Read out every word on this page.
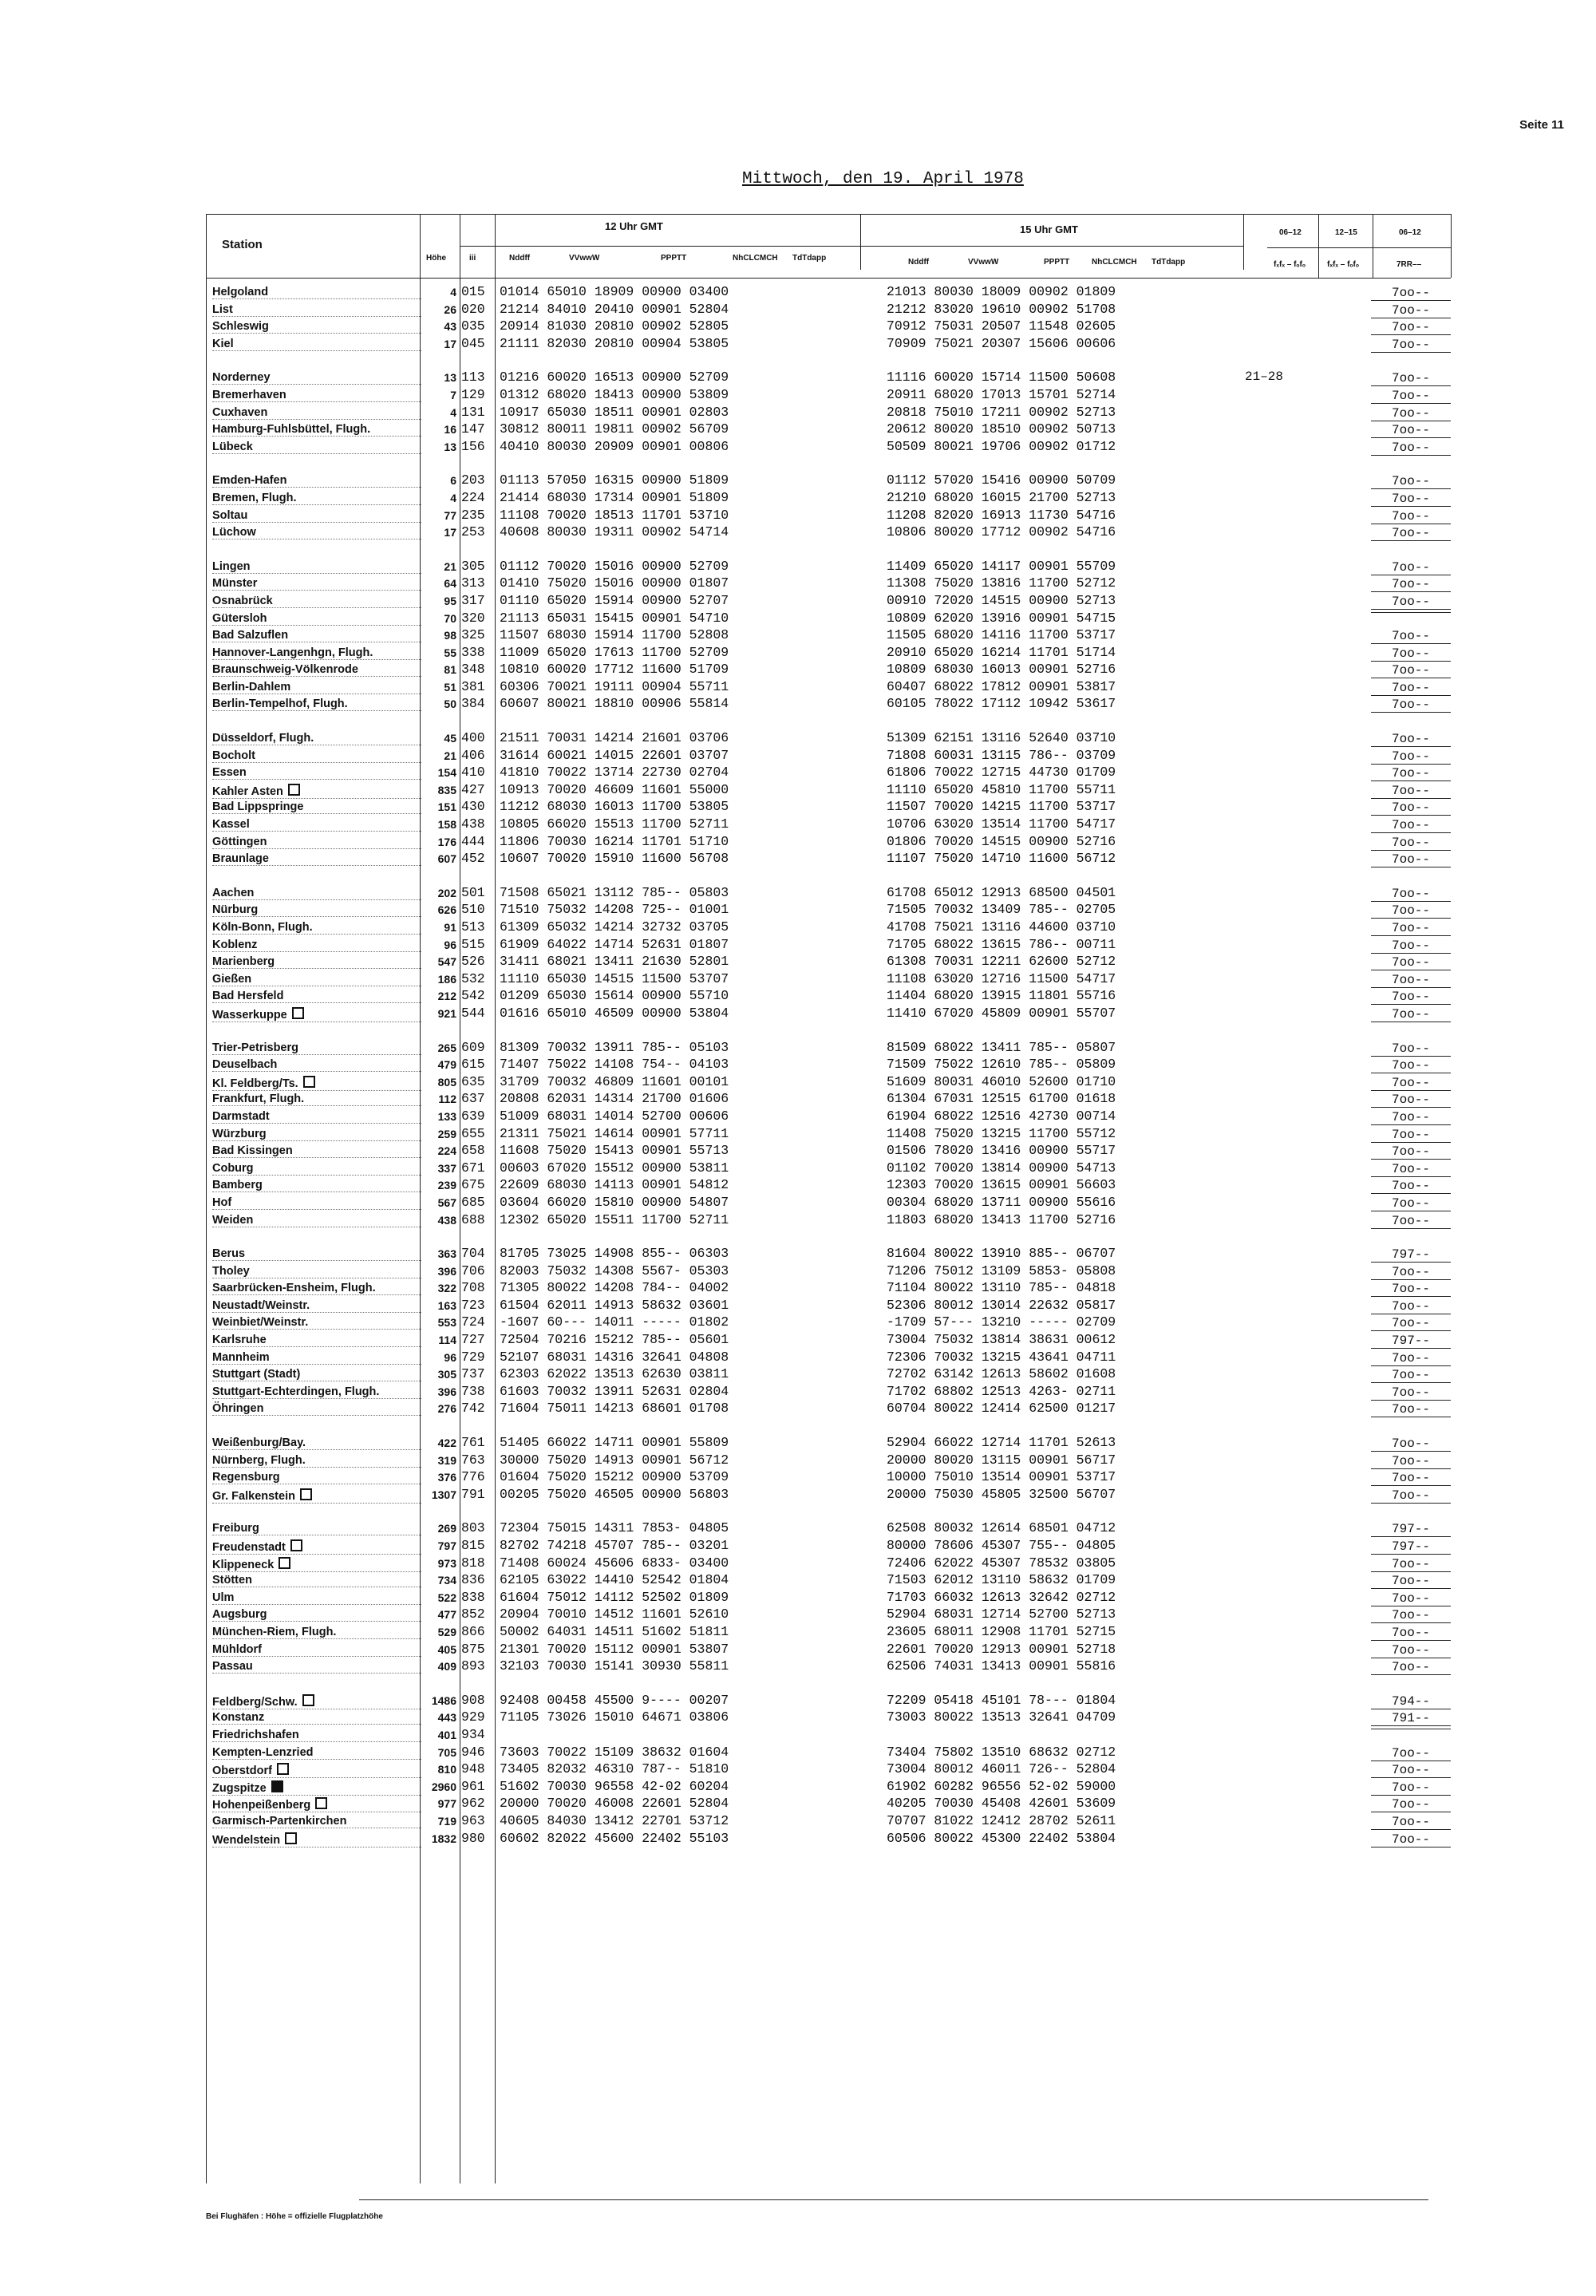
Seite 11
Mittwoch, den 19. April 1978
Station
12 Uhr GMT	15 Uhr GMT
Höhe	iii	Nddff	VVwwW	PPPTT	NhCLCMCH TdTdapp	Nddff	VVwwW	PPPTT	NhCLCMCH TdTdapp
06–12	12–15	06–12
fₓfₓ – fₒfₒ	fₓfₓ – fₒfₒ	7RR––
Helgoland	4 015	01014 65010 18909 00900 03400	21013 80030 18009 00902 01809	7oo--
List	26 020	21214 84010 20410 00901 52804	21212 83020 19610 00902 51708	7oo--
Schleswig	43 035	20914 81030 20810 00902 52805	70912 75031 20507 11548 02605	7oo--
Kiel	17 045	21111 82030 20810 00904 53805	70909 75021 20307 15606 00606	7oo--
Norderney	13 113	01216 60020 16513 00900 52709	11116 60020 15714 11500 50608	21–28	7oo--
Bremerhaven	7 129	01312 68020 18413 00900 53809	20911 68020 17013 15701 52714	7oo--
Cuxhaven	4 131	10917 65030 18511 00901 02803	20818 75010 17211 00902 52713	7oo--
Hamburg-Fuhlsbüttel, Flugh.	16 147	30812 80011 19811 00902 56709	20612 80020 18510 00902 50713	7oo--
Lübeck	13 156	40410 80030 20909 00901 00806	50509 80021 19706 00902 01712	7oo--
Emden-Hafen	6 203	01113 57050 16315 00900 51809	01112 57020 15416 00900 50709	7oo--
Bremen, Flugh.	4 224	21414 68030 17314 00901 51809	21210 68020 16015 21700 52713	7oo--
Soltau	77 235	11108 70020 18513 11701 53710	11208 82020 16913 11730 54716	7oo--
Lüchow	17 253	40608 80030 19311 00902 54714	10806 80020 17712 00902 54716	7oo--
Lingen	21 305	01112 70020 15016 00900 52709	11409 65020 14117 00901 55709	7oo--
Münster	64 313	01410 75020 15016 00900 01807	11308 75020 13816 11700 52712	7oo--
Osnabrück	95 317	01110 65020 15914 00900 52707	00910 72020 14515 00900 52713	7oo--
Gütersloh	70 320	21113 65031 15415 00901 54710	10809 62020 13916 00901 54715
Bad Salzuflen	98 325	11507 68030 15914 11700 52808	11505 68020 14116 11700 53717	7oo--
Hannover-Langenhgn, Flugh.	55 338	11009 65020 17613 11700 52709	20910 65020 16214 11701 51714	7oo--
Braunschweig-Völkenrode	81 348	10810 60020 17712 11600 51709	10809 68030 16013 00901 52716	7oo--
Berlin-Dahlem	51 381	60306 70021 19111 00904 55711	60407 68022 17812 00901 53817	7oo--
Berlin-Tempelhof, Flugh.	50 384	60607 80021 18810 00906 55814	60105 78022 17112 10942 53617	7oo--
Düsseldorf, Flugh.	45 400	21511 70031 14214 21601 03706	51309 62151 13116 52640 03710	7oo--
Bocholt	21 406	31614 60021 14015 22601 03707	71808 60031 13115 786-- 03709	7oo--
Essen	154 410	41810 70022 13714 22730 02704	61806 70022 12715 44730 01709	7oo--
Kahler Asten	835 427	10913 70020 46609 11601 55000	11110 65020 45810 11700 55711	7oo--
Bad Lippspringe	151 430	11212 68030 16013 11700 53805	11507 70020 14215 11700 53717	7oo--
Kassel	158 438	10805 66020 15513 11700 52711	10706 63020 13514 11700 54717	7oo--
Göttingen	176 444	11806 70030 16214 11701 51710	01806 70020 14515 00900 52716	7oo--
Braunlage	607 452	10607 70020 15910 11600 56708	11107 75020 14710 11600 56712	7oo--
Aachen	202 501	71508 65021 13112 785-- 05803	61708 65012 12913 68500 04501	7oo--
Nürburg	626 510	71510 75032 14208 725-- 01001	71505 70032 13409 785-- 02705	7oo--
Köln-Bonn, Flugh.	91 513	61309 65032 14214 32732 03705	41708 75021 13116 44600 03710	7oo--
Koblenz	96 515	61909 64022 14714 52631 01807	71705 68022 13615 786-- 00711	7oo--
Marienberg	547 526	31411 68021 13411 21630 52801	61308 70031 12211 62600 52712	7oo--
Gießen	186 532	11110 65030 14515 11500 53707	11108 63020 12716 11500 54717	7oo--
Bad Hersfeld	212 542	01209 65030 15614 00900 55710	11404 68020 13915 11801 55716	7oo--
Wasserkuppe	921 544	01616 65010 46509 00900 53804	11410 67020 45809 00901 55707	7oo--
Trier-Petrisberg	265 609	81309 70032 13911 785-- 05103	81509 68022 13411 785-- 05807	7oo--
Deuselbach	479 615	71407 75022 14108 754-- 04103	71509 75022 12610 785-- 05809	7oo--
Kl. Feldberg/Ts.	805 635	31709 70032 46809 11601 00101	51609 80031 46010 52600 01710	7oo--
Frankfurt, Flugh.	112 637	20808 62031 14314 21700 01606	61304 67031 12515 61700 01618	7oo--
Darmstadt	133 639	51009 68031 14014 52700 00606	61904 68022 12516 42730 00714	7oo--
Würzburg	259 655	21311 75021 14614 00901 57711	11408 75020 13215 11700 55712	7oo--
Bad Kissingen	224 658	11608 75020 15413 00901 55713	01506 78020 13416 00900 55717	7oo--
Coburg	337 671	00603 67020 15512 00900 53811	01102 70020 13814 00900 54713	7oo--
Bamberg	239 675	22609 68030 14113 00901 54812	12303 70020 13615 00901 56603	7oo--
Hof	567 685	03604 66020 15810 00900 54807	00304 68020 13711 00900 55616	7oo--
Weiden	438 688	12302 65020 15511 11700 52711	11803 68020 13413 11700 52716	7oo--
Berus	363 704	81705 73025 14908 855-- 06303	81604 80022 13910 885-- 06707	797--
Tholey	396 706	82003 75032 14308 5567- 05303	71206 75012 13109 5853- 05808	7oo--
Saarbrücken-Ensheim, Flugh.	322 708	71305 80022 14208 784-- 04002	71104 80022 13110 785-- 04818	7oo--
Neustadt/Weinstr.	163 723	61504 62011 14913 58632 03601	52306 80012 13014 22632 05817	7oo--
Weinbiet/Weinstr.	553 724	-1607 60--- 14011 ----- 01802	-1709 57--- 13210 ----- 02709	7oo--
Karlsruhe	114 727	72504 70216 15212 785-- 05601	73004 75032 13814 38631 00612	797--
Mannheim	96 729	52107 68031 14316 32641 04808	72306 70032 13215 43641 04711	7oo--
Stuttgart (Stadt)	305 737	62303 62022 13513 62630 03811	72702 63142 12613 58602 01608	7oo--
Stuttgart-Echterdingen, Flugh.	396 738	61603 70032 13911 52631 02804	71702 68802 12513 4263- 02711	7oo--
Öhringen	276 742	71604 75011 14213 68601 01708	60704 80022 12414 62500 01217	7oo--
Weißenburg/Bay.	422 761	51405 66022 14711 00901 55809	52904 66022 12714 11701 52613	7oo--
Nürnberg, Flugh.	319 763	30000 75020 14913 00901 56712	20000 80020 13115 00901 56717	7oo--
Regensburg	376 776	01604 75020 15212 00900 53709	10000 75010 13514 00901 53717	7oo--
Gr. Falkenstein	1307 791	00205 75020 46505 00900 56803	20000 75030 45805 32500 56707	7oo--
Freiburg	269 803	72304 75015 14311 7853- 04805	62508 80032 12614 68501 04712	797--
Freudenstadt	797 815	82702 74218 45707 785-- 03201	80000 78606 45307 755-- 04805	797--
Klippeneck	973 818	71408 60024 45606 6833- 03400	72406 62022 45307 78532 03805	7oo--
Stötten	734 836	62105 63022 14410 52542 01804	71503 62012 13110 58632 01709	7oo--
Ulm	522 838	61604 75012 14112 52502 01809	71703 66032 12613 32642 02712	7oo--
Augsburg	477 852	20904 70010 14512 11601 52610	52904 68031 12714 52700 52713	7oo--
München-Riem, Flugh.	529 866	50002 64031 14511 51602 51811	23605 68011 12908 11701 52715	7oo--
Mühldorf	405 875	21301 70020 15112 00901 53807	22601 70020 12913 00901 52718	7oo--
Passau	409 893	32103 70030 15141 30930 55811	62506 74031 13413 00901 55816	7oo--
Feldberg/Schw.	1486 908	92408 00458 45500 9---- 00207	72209 05418 45101 78--- 01804	794--
Konstanz	443 929	71105 73026 15010 64671 03806	73003 80022 13513 32641 04709	791--
Friedrichshafen	401 934
Kempten-Lenzried	705 946	73603 70022 15109 38632 01604	73404 75802 13510 68632 02712	7oo--
Oberstdorf	810 948	73405 82032 46310 787-- 51810	73004 80012 46011 726-- 52804	7oo--
Zugspitze	2960 961	51602 70030 96558 42-02 60204	61902 60282 96556 52-02 59000	7oo--
Hohenpeißenberg	977 962	20000 70020 46008 22601 52804	40205 70030 45408 42601 53609	7oo--
Garmisch-Partenkirchen	719 963	40605 84030 13412 22701 53712	70707 81022 12412 28702 52611	7oo--
Wendelstein	1832 980	60602 82022 45600 22402 55103	60506 80022 45300 22402 53804	7oo--
Bei Flughäfen : Höhe = offizielle Flugplatzhöhe
